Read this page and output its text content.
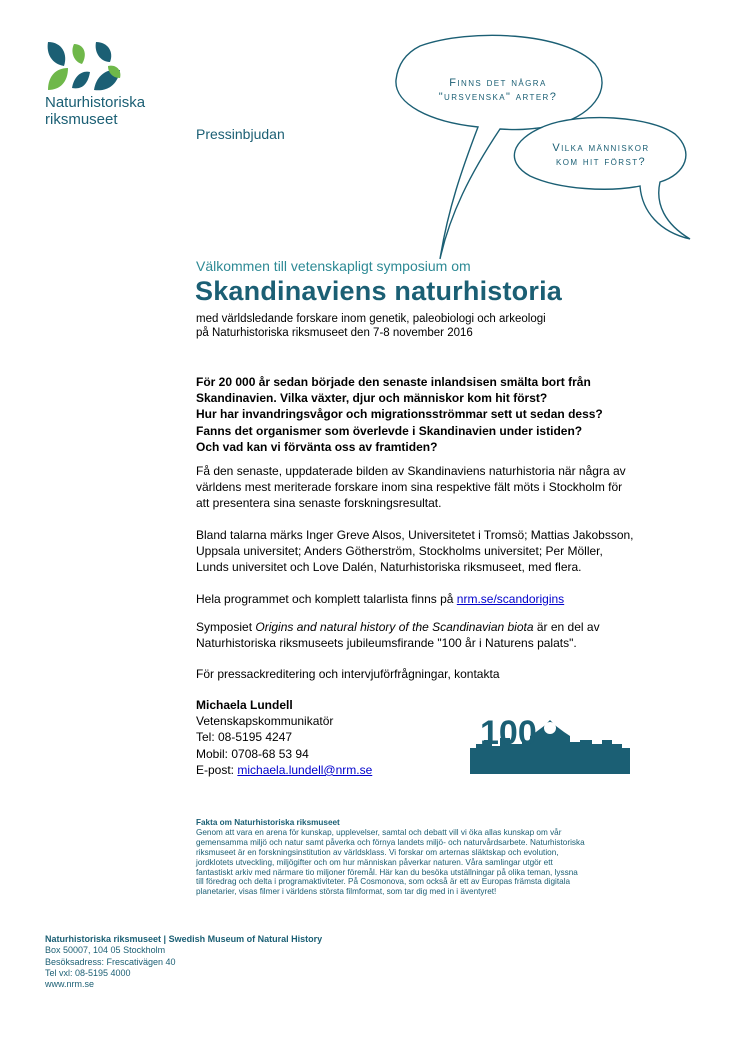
Naturhistoriska
riksmuseet
Pressinbjudan
Finns det några
"ursvenska" arter?
Vilka människor
kom hit först?
Välkommen till vetenskapligt symposium om
Skandinaviens naturhistoria
med världsledande forskare inom genetik, paleobiologi och arkeologi
på Naturhistoriska riksmuseet den 7-8 november 2016
För 20 000 år sedan började den senaste inlandsisen smälta bort från
Skandinavien. Vilka växter, djur och människor kom hit först?
Hur har invandringsvågor och migrationsströmmar sett ut sedan dess?
Fanns det organismer som överlevde i Skandinavien under istiden?
Och vad kan vi förvänta oss av framtiden?
Få den senaste, uppdaterade bilden av Skandinaviens naturhistoria när några av
världens mest meriterade forskare inom sina respektive fält möts i Stockholm för
att presentera sina senaste forskningsresultat.
Bland talarna märks Inger Greve Alsos, Universitetet i Tromsö; Mattias Jakobsson,
Uppsala universitet; Anders Götherström, Stockholms universitet; Per Möller,
Lunds universitet och Love Dalén, Naturhistoriska riksmuseet, med flera.
Hela programmet och komplett talarlista finns på nrm.se/scandorigins
Symposiet Origins and natural history of the Scandinavian biota är en del av
Naturhistoriska riksmuseets jubileumsfirande "100 år i Naturens palats".
För pressackreditering och intervjuförfrågningar, kontakta
Michaela Lundell
Vetenskapskommunikatör
Tel: 08-5195 4247
Mobil: 0708-68 53 94
E-post: michaela.lundell@nrm.se
100
Fakta om Naturhistoriska riksmuseet
Genom att vara en arena för kunskap, upplevelser, samtal och debatt vill vi öka allas kunskap om vår
gemensamma miljö och natur samt påverka och förnya landets miljö- och naturvårdsarbete. Naturhistoriska
riksmuseet är en forskningsinstitution av världsklass. Vi forskar om arternas släktskap och evolution,
jordklotets utveckling, miljögifter och om hur människan påverkar naturen. Våra samlingar utgör ett
fantastiskt arkiv med närmare tio miljoner föremål. Här kan du besöka utställningar på olika teman, lyssna
till föredrag och delta i programaktiviteter. På Cosmonova, som också är ett av Europas främsta digitala
planetarier, visas filmer i världens största filmformat, som tar dig med in i äventyret!
Naturhistoriska riksmuseet | Swedish Museum of Natural History
Box 50007, 104 05 Stockholm
Besöksadress: Frescativägen 40
Tel vxl: 08-5195 4000
www.nrm.se
